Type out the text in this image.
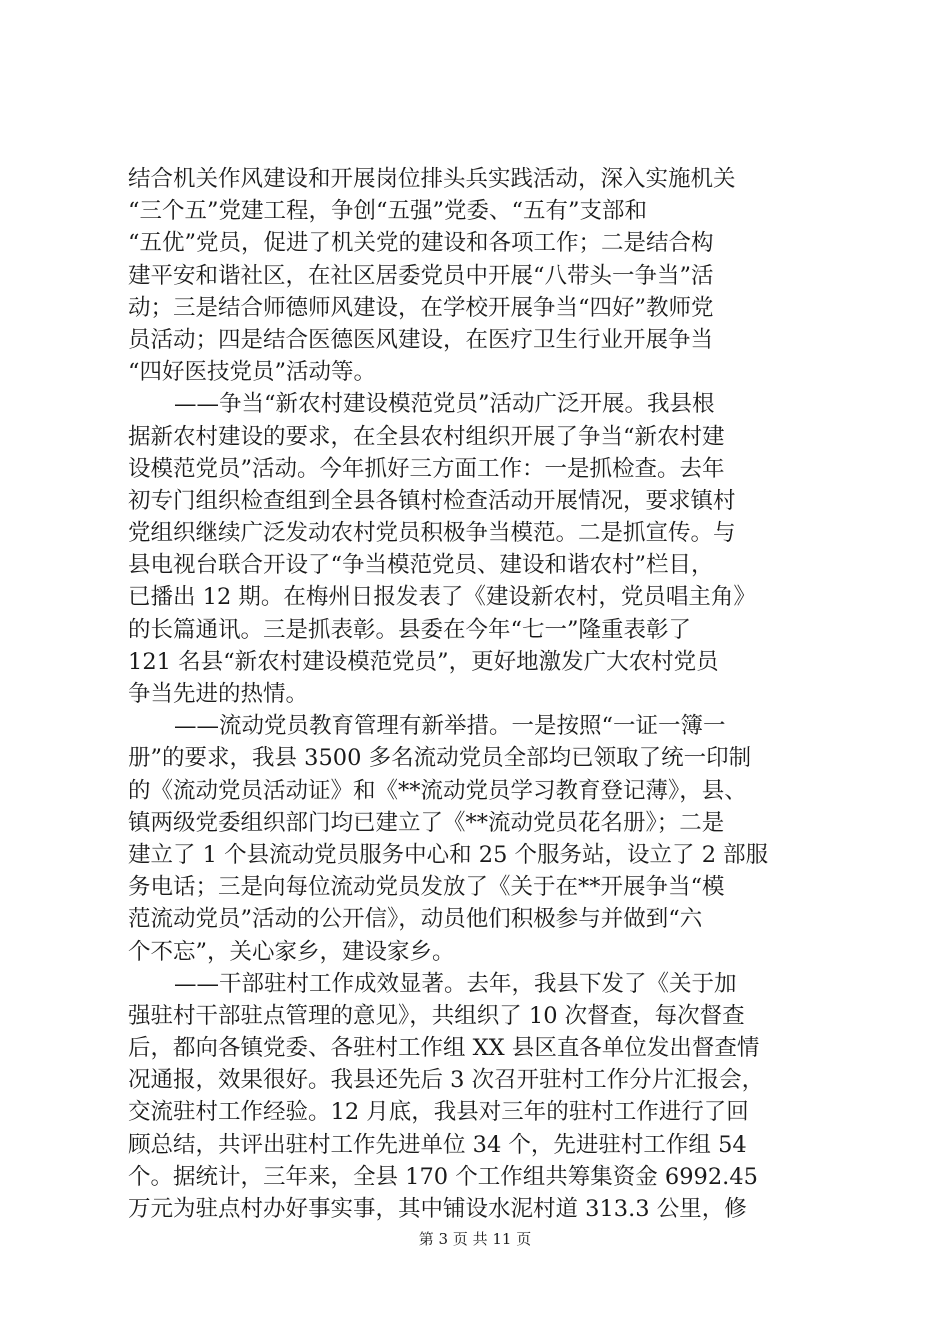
结合机关作风建设和开展岗位排头兵实践活动，深入实施机关
“三个五”党建工程，争创“五强”党委、“五有”支部和
“五优”党员，促进了机关党的建设和各项工作；二是结合构
建平安和谐社区，在社区居委党员中开展“八带头一争当”活
动；三是结合师德师风建设，在学校开展争当“四好”教师党
员活动；四是结合医德医风建设，在医疗卫生行业开展争当
“四好医技党员”活动等。
——争当“新农村建设模范党员”活动广泛开展。我县根
据新农村建设的要求，在全县农村组织开展了争当“新农村建
设模范党员”活动。今年抓好三方面工作：一是抓检查。去年
初专门组织检查组到全县各镇村检查活动开展情况，要求镇村
党组织继续广泛发动农村党员积极争当模范。二是抓宣传。与
县电视台联合开设了“争当模范党员、建设和谐农村”栏目，
已播出 12 期。在梅州日报发表了《建设新农村，党员唱主角》
的长篇通讯。三是抓表彰。县委在今年“七一”隆重表彰了
121 名县“新农村建设模范党员”，更好地激发广大农村党员
争当先进的热情。
——流动党员教育管理有新举措。一是按照“一证一簿一
册”的要求，我县 3500 多名流动党员全部均已领取了统一印制
的《流动党员活动证》和《**流动党员学习教育登记薄》，县、
镇两级党委组织部门均已建立了《**流动党员花名册》；二是
建立了 1 个县流动党员服务中心和 25 个服务站，设立了 2 部服
务电话；三是向每位流动党员发放了《关于在**开展争当“模
范流动党员”活动的公开信》，动员他们积极参与并做到“六
个不忘”，关心家乡，建设家乡。
——干部驻村工作成效显著。去年，我县下发了《关于加
强驻村干部驻点管理的意见》，共组织了 10 次督查，每次督查
后，都向各镇党委、各驻村工作组 XX 县区直各单位发出督查情
况通报，效果很好。我县还先后 3 次召开驻村工作分片汇报会，
交流驻村工作经验。12 月底，我县对三年的驻村工作进行了回
顾总结，共评出驻村工作先进单位 34 个，先进驻村工作组 54
个。据统计，三年来，全县 170 个工作组共筹集资金 6992.45
万元为驻点村办好事实事，其中铺设水泥村道 313.3 公里，修
第 3 页 共 11 页
